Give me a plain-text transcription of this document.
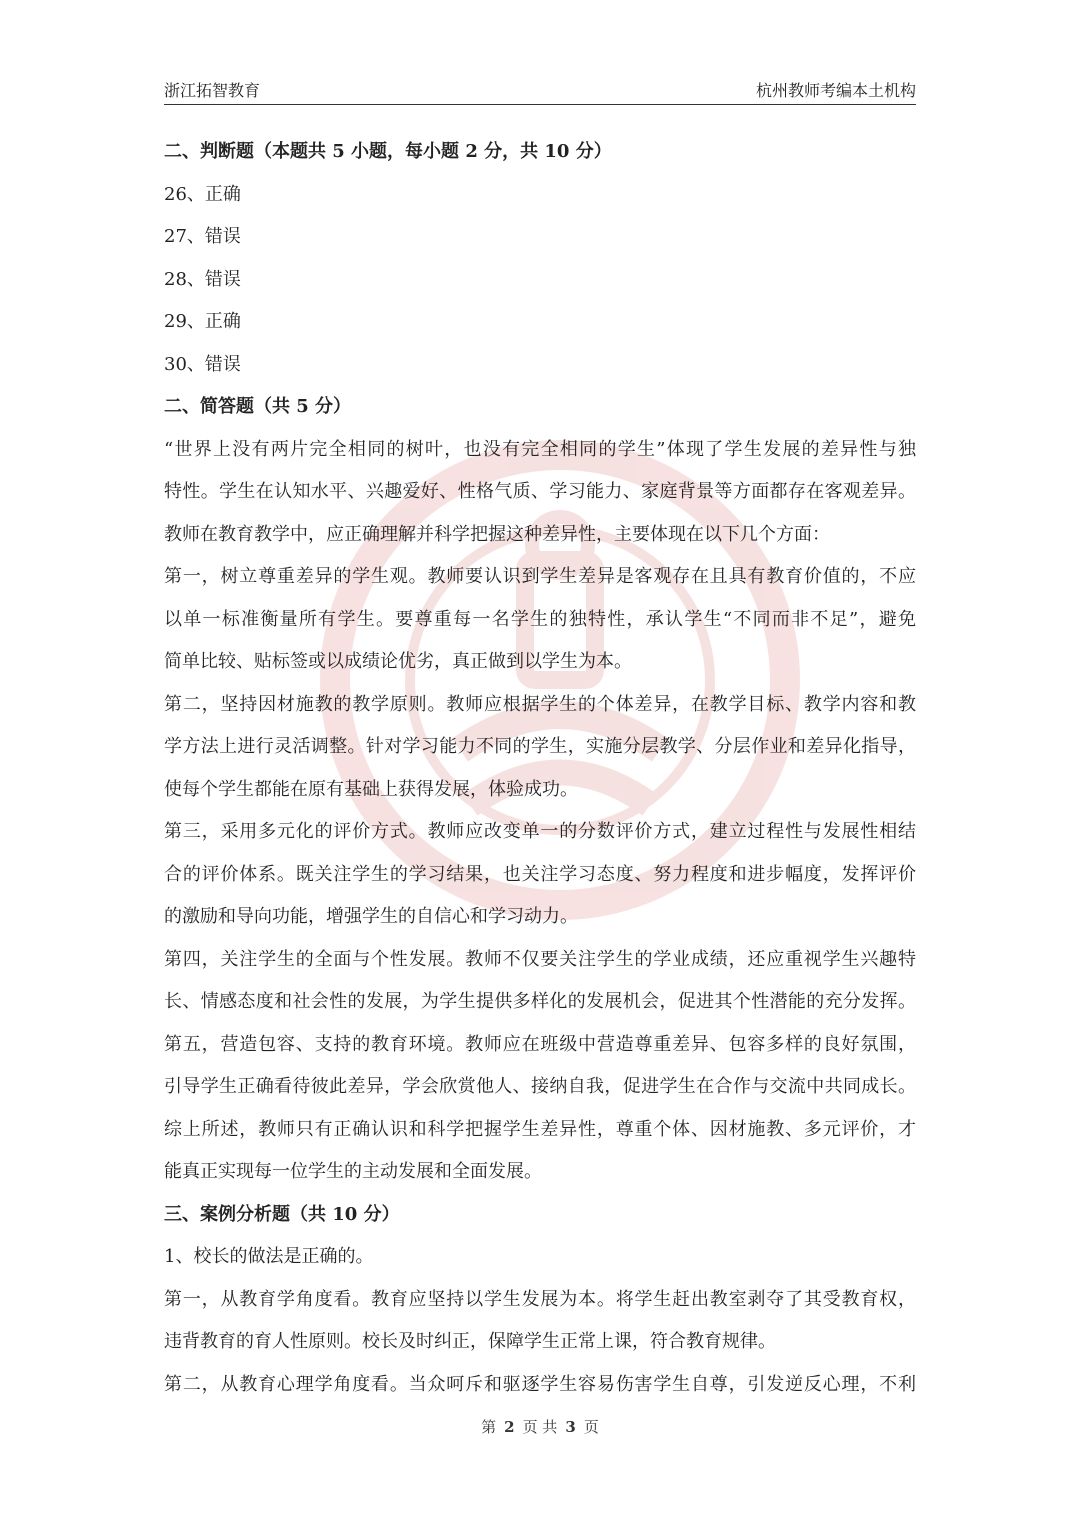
浙江拓智教育	杭州教师考编本土机构
二、判断题（本题共 5 小题，每小题 2 分，共 10 分）
26、正确
27、错误
28、错误
29、正确
30、错误
二、简答题（共 5 分）
“世界上没有两片完全相同的树叶，也没有完全相同的学生”体现了学生发展的差异性与独
特性。学生在认知水平、兴趣爱好、性格气质、学习能力、家庭背景等方面都存在客观差异。
教师在教育教学中，应正确理解并科学把握这种差异性，主要体现在以下几个方面：
第一，树立尊重差异的学生观。教师要认识到学生差异是客观存在且具有教育价值的，不应
以单一标准衡量所有学生。要尊重每一名学生的独特性，承认学生“不同而非不足”，避免
简单比较、贴标签或以成绩论优劣，真正做到以学生为本。
第二，坚持因材施教的教学原则。教师应根据学生的个体差异，在教学目标、教学内容和教
学方法上进行灵活调整。针对学习能力不同的学生，实施分层教学、分层作业和差异化指导，
使每个学生都能在原有基础上获得发展，体验成功。
第三，采用多元化的评价方式。教师应改变单一的分数评价方式，建立过程性与发展性相结
合的评价体系。既关注学生的学习结果，也关注学习态度、努力程度和进步幅度，发挥评价
的激励和导向功能，增强学生的自信心和学习动力。
第四，关注学生的全面与个性发展。教师不仅要关注学生的学业成绩，还应重视学生兴趣特
长、情感态度和社会性的发展，为学生提供多样化的发展机会，促进其个性潜能的充分发挥。
第五，营造包容、支持的教育环境。教师应在班级中营造尊重差异、包容多样的良好氛围，
引导学生正确看待彼此差异，学会欣赏他人、接纳自我，促进学生在合作与交流中共同成长。
综上所述，教师只有正确认识和科学把握学生差异性，尊重个体、因材施教、多元评价，才
能真正实现每一位学生的主动发展和全面发展。
三、案例分析题（共 10 分）
1、校长的做法是正确的。
第一，从教育学角度看。教育应坚持以学生发展为本。将学生赶出教室剥夺了其受教育权，
违背教育的育人性原则。校长及时纠正，保障学生正常上课，符合教育规律。
第二，从教育心理学角度看。当众呵斥和驱逐学生容易伤害学生自尊，引发逆反心理，不利
第 2 页 共 3 页
